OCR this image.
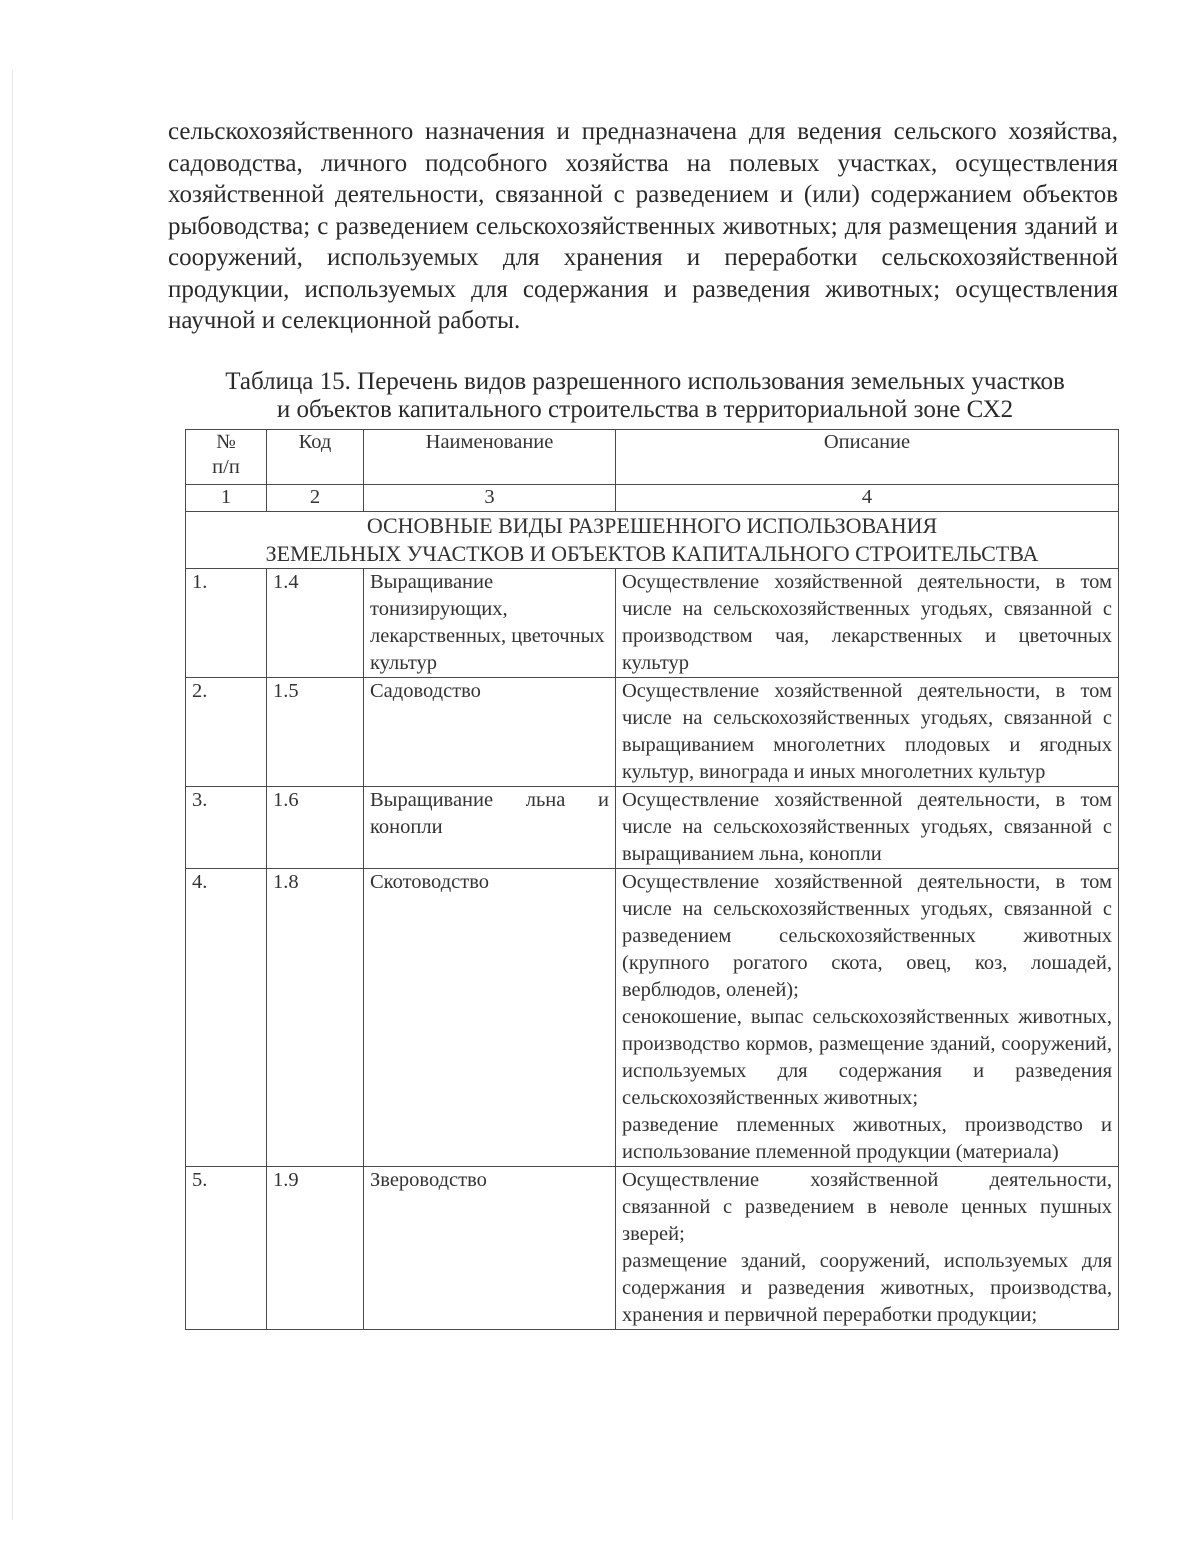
сельскохозяйственного назначения и предназначена для ведения сельского хозяйства, садоводства, личного подсобного хозяйства на полевых участках, осуществления хозяйственной деятельности, связанной с разведением и (или) содержанием объектов рыбоводства; с разведением сельскохозяйственных животных; для размещения зданий и сооружений, используемых для хранения и переработки сельскохозяйственной продукции, используемых для содержания и разведения животных; осуществления научной и селекционной работы.
Таблица 15. Перечень видов разрешенного использования земельных участков
и объектов капитального строительства в территориальной зоне СХ2
№
п/п	Код	Наименование	Описание
1	2	3	4

ОСНОВНЫЕ ВИДЫ РАЗРЕШЕННОГО ИСПОЛЬЗОВАНИЯ
ЗЕМЕЛЬНЫХ УЧАСТКОВ И ОБЪЕКТОВ КАПИТАЛЬНОГО СТРОИТЕЛЬСТВА			

1.	1.4	Выращивание тонизирующих, лекарственных, цветочных культур	Осуществление хозяйственной деятельности, в том числе на сельскохозяйственных угодьях, связанной с производством чая, лекарственных и цветочных культур

2.	1.5	Садоводство	Осуществление хозяйственной деятельности, в том числе на сельскохозяйственных угодьях, связанной с выращиванием многолетних плодовых и ягодных культур, винограда и иных многолетних культур

3.	1.6	Выращивание льна и конопли	Осуществление хозяйственной деятельности, в том числе на сельскохозяйственных угодьях, связанной с выращиванием льна, конопли

4.	1.8	Скотоводство	Осуществление хозяйственной деятельности, в том числе на сельскохозяйственных угодьях, связанной с разведением сельскохозяйственных животных (крупного рогатого скота, овец, коз, лошадей, верблюдов, оленей);
сенокошение, выпас сельскохозяйственных животных, производство кормов, размещение зданий, сооружений, используемых для содержания и разведения сельскохозяйственных животных;
разведение племенных животных, производство и использование племенной продукции (материала)

5.	1.9	Звероводство	Осуществление хозяйственной деятельности, связанной с разведением в неволе ценных пушных зверей;
размещение зданий, сооружений, используемых для содержания и разведения животных, производства, хранения и первичной переработки продукции;
